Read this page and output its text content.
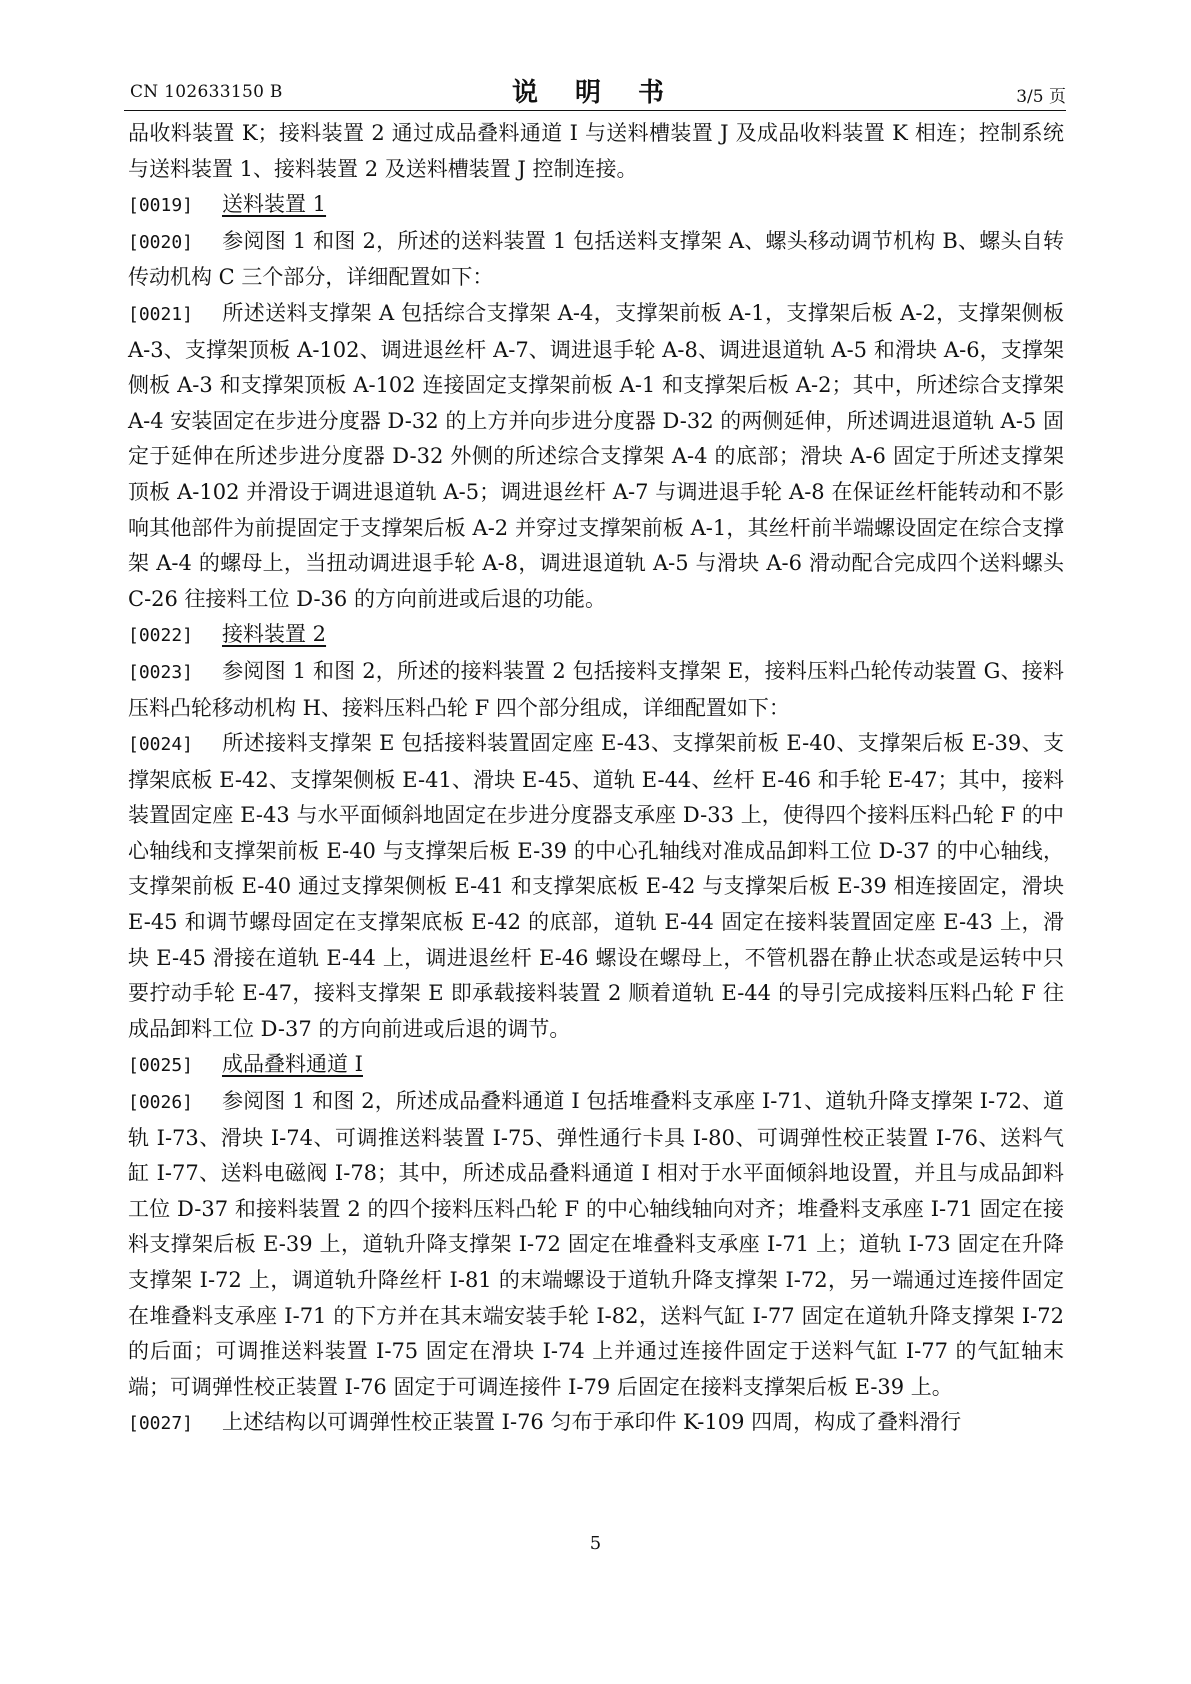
CN 102633150 B	说 明 书	3/5 页
品收料装置 K；接料装置 2 通过成品叠料通道 I 与送料槽装置 J 及成品收料装置 K 相连；控制系统与送料装置 1、接料装置 2 及送料槽装置 J 控制连接。
[0019] 送料装置 1
[0020] 参阅图 1 和图 2，所述的送料装置 1 包括送料支撑架 A、螺头移动调节机构 B、螺头自转传动机构 C 三个部分，详细配置如下：
[0021] 所述送料支撑架 A 包括综合支撑架 A-4，支撑架前板 A-1，支撑架后板 A-2，支撑架侧板 A-3、支撑架顶板 A-102、调进退丝杆 A-7、调进退手轮 A-8、调进退道轨 A-5 和滑块 A-6，支撑架侧板 A-3 和支撑架顶板 A-102 连接固定支撑架前板 A-1 和支撑架后板 A-2；其中，所述综合支撑架 A-4 安装固定在步进分度器 D-32 的上方并向步进分度器 D-32 的两侧延伸，所述调进退道轨 A-5 固定于延伸在所述步进分度器 D-32 外侧的所述综合支撑架 A-4 的底部；滑块 A-6 固定于所述支撑架顶板 A-102 并滑设于调进退道轨 A-5；调进退丝杆 A-7 与调进退手轮 A-8 在保证丝杆能转动和不影响其他部件为前提固定于支撑架后板 A-2 并穿过支撑架前板 A-1，其丝杆前半端螺设固定在综合支撑架 A-4 的螺母上，当扭动调进退手轮 A-8，调进退道轨 A-5 与滑块 A-6 滑动配合完成四个送料螺头 C-26 往接料工位 D-36 的方向前进或后退的功能。
[0022] 接料装置 2
[0023] 参阅图 1 和图 2，所述的接料装置 2 包括接料支撑架 E，接料压料凸轮传动装置 G、接料压料凸轮移动机构 H、接料压料凸轮 F 四个部分组成，详细配置如下：
[0024] 所述接料支撑架 E 包括接料装置固定座 E-43、支撑架前板 E-40、支撑架后板 E-39、支撑架底板 E-42、支撑架侧板 E-41、滑块 E-45、道轨 E-44、丝杆 E-46 和手轮 E-47；其中，接料装置固定座 E-43 与水平面倾斜地固定在步进分度器支承座 D-33 上，使得四个接料压料凸轮 F 的中心轴线和支撑架前板 E-40 与支撑架后板 E-39 的中心孔轴线对准成品卸料工位 D-37 的中心轴线，支撑架前板 E-40 通过支撑架侧板 E-41 和支撑架底板 E-42 与支撑架后板 E-39 相连接固定，滑块 E-45 和调节螺母固定在支撑架底板 E-42 的底部，道轨 E-44 固定在接料装置固定座 E-43 上，滑块 E-45 滑接在道轨 E-44 上，调进退丝杆 E-46 螺设在螺母上，不管机器在静止状态或是运转中只要拧动手轮 E-47，接料支撑架 E 即承载接料装置 2 顺着道轨 E-44 的导引完成接料压料凸轮 F 往成品卸料工位 D-37 的方向前进或后退的调节。
[0025] 成品叠料通道 I
[0026] 参阅图 1 和图 2，所述成品叠料通道 I 包括堆叠料支承座 I-71、道轨升降支撑架 I-72、道轨 I-73、滑块 I-74、可调推送料装置 I-75、弹性通行卡具 I-80、可调弹性校正装置 I-76、送料气缸 I-77、送料电磁阀 I-78；其中，所述成品叠料通道 I 相对于水平面倾斜地设置，并且与成品卸料工位 D-37 和接料装置 2 的四个接料压料凸轮 F 的中心轴线轴向对齐；堆叠料支承座 I-71 固定在接料支撑架后板 E-39 上，道轨升降支撑架 I-72 固定在堆叠料支承座 I-71 上；道轨 I-73 固定在升降支撑架 I-72 上，调道轨升降丝杆 I-81 的末端螺设于道轨升降支撑架 I-72，另一端通过连接件固定在堆叠料支承座 I-71 的下方并在其末端安装手轮 I-82，送料气缸 I-77 固定在道轨升降支撑架 I-72 的后面；可调推送料装置 I-75 固定在滑块 I-74 上并通过连接件固定于送料气缸 I-77 的气缸轴末端；可调弹性校正装置 I-76 固定于可调连接件 I-79 后固定在接料支撑架后板 E-39 上。
[0027] 上述结构以可调弹性校正装置 I-76 匀布于承印件 K-109 四周，构成了叠料滑行
5
